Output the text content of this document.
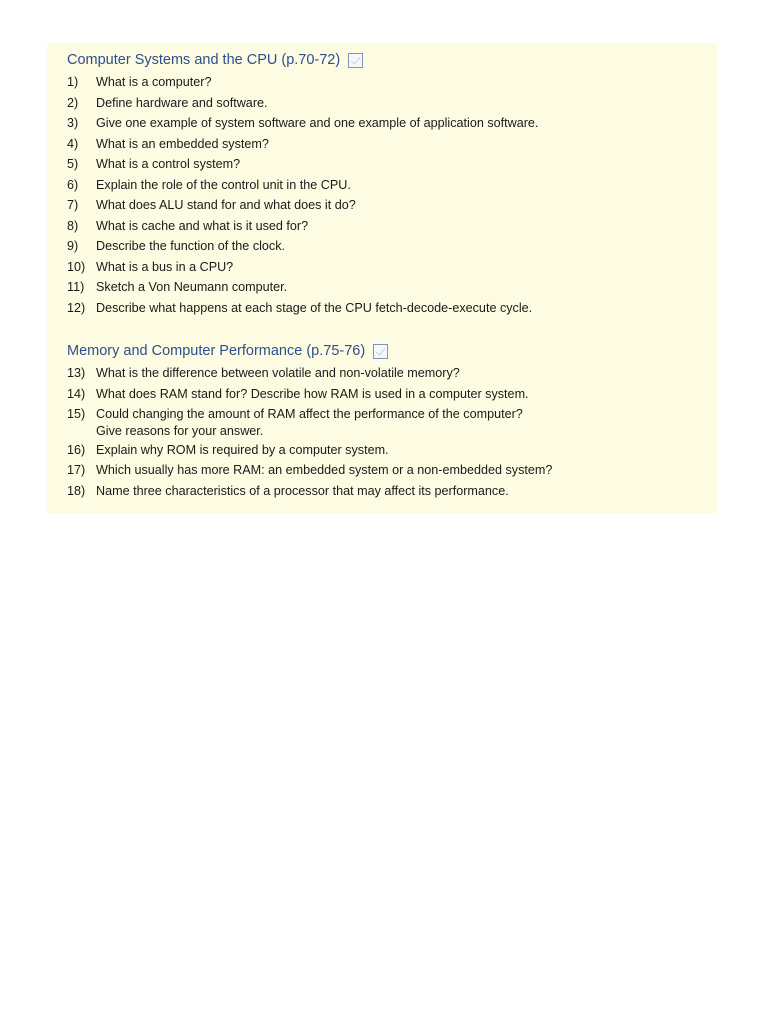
Computer Systems and the CPU (p.70-72)
1)	What is a computer?
2)	Define hardware and software.
3)	Give one example of system software and one example of application software.
4)	What is an embedded system?
5)	What is a control system?
6)	Explain the role of the control unit in the CPU.
7)	What does ALU stand for and what does it do?
8)	What is cache and what is it used for?
9)	Describe the function of the clock.
10) What is a bus in a CPU?
11) Sketch a Von Neumann computer.
12) Describe what happens at each stage of the CPU fetch-decode-execute cycle.
Memory and Computer Performance (p.75-76)
13) What is the difference between volatile and non-volatile memory?
14) What does RAM stand for? Describe how RAM is used in a computer system.
15) Could changing the amount of RAM affect the performance of the computer?
Give reasons for your answer.
16) Explain why ROM is required by a computer system.
17) Which usually has more RAM: an embedded system or a non-embedded system?
18) Name three characteristics of a processor that may affect its performance.
